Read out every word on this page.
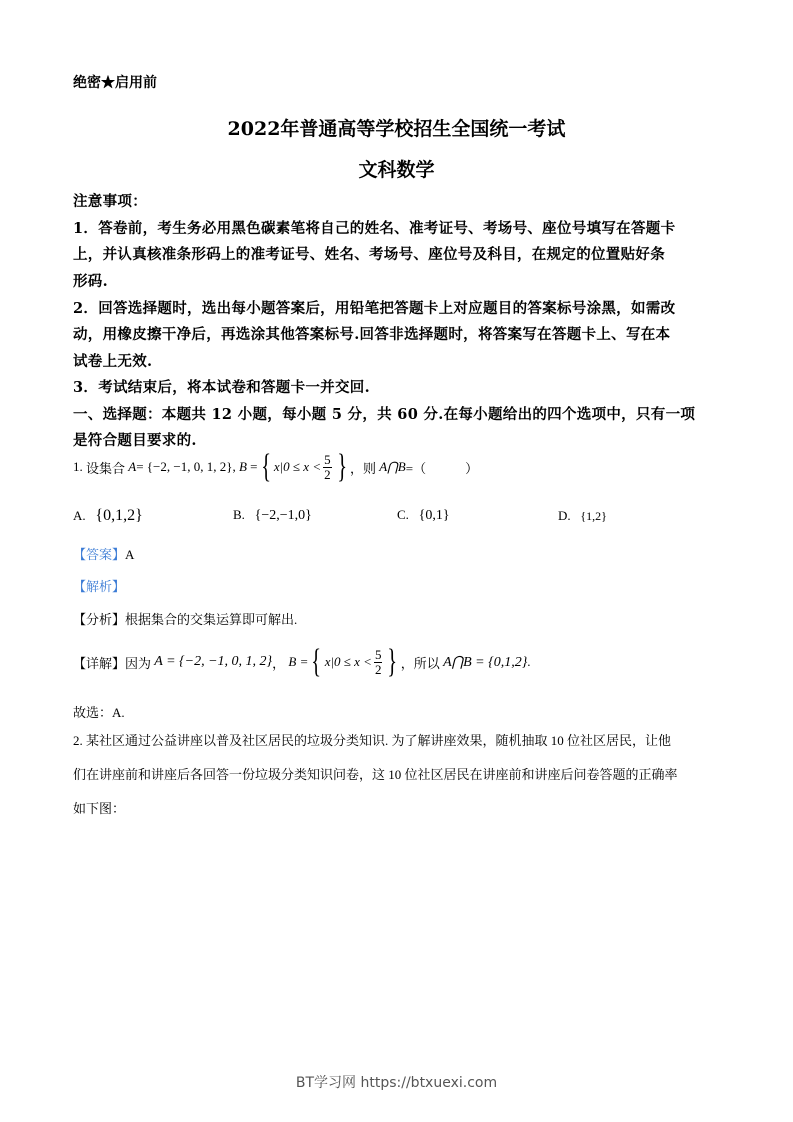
绝密★启用前
2022年普通高等学校招生全国统一考试
文科数学
注意事项：
1．答卷前，考生务必用黑色碳素笔将自己的姓名、准考证号、考场号、座位号填写在答题卡
上，并认真核准条形码上的准考证号、姓名、考场号、座位号及科目，在规定的位置贴好条
形码.
2．回答选择题时，选出每小题答案后，用铅笔把答题卡上对应题目的答案标号涂黑，如需改
动，用橡皮擦干净后，再选涂其他答案标号.回答非选择题时，将答案写在答题卡上、写在本
试卷上无效.
3．考试结束后，将本试卷和答题卡一并交回.
一、选择题：本题共 12 小题，每小题 5 分，共 60 分.在每小题给出的四个选项中，只有一项
是符合题目要求的.
1.
设集合
A = {−2, −1, 0, 1, 2} ,
B
= { $x|0 \le x < \frac{5}{2}$ } ，则
A⋂B =（　　　）
A. {0,1,2}	B. {−2,−1,0}	C. {0,1}	D. {1,2}
【答案】A
【解析】
【分析】根据集合的交集运算即可解出.
【详解】 因为
A = {−2, −1, 0, 1, 2} ，
B = { $x|0 \le x < \frac{5}{2}$ } ，所以
A⋂B = {0,1,2} .
故选：A.
2. 某社区通过公益讲座以普及社区居民的垃圾分类知识. 为了解讲座效果，随机抽取 10 位社区居民，让他
们在讲座前和讲座后各回答一份垃圾分类知识问卷，这 10 位社区居民在讲座前和讲座后问卷答题的正确率
如下图：
BT学习网 https://btxuexi.com
